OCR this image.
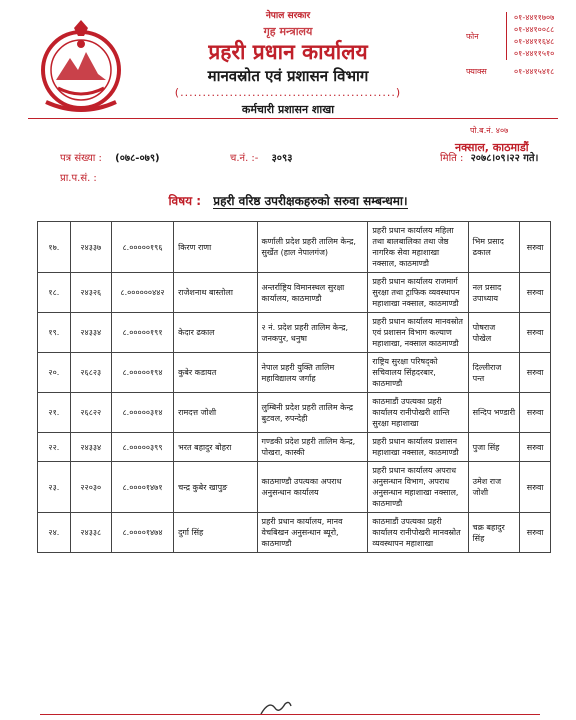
नेपाल सरकार
गृह मन्त्रालय
प्रहरी प्रधान कार्यालय
मानवस्रोत एवं प्रशासन विभाग
(................................................)
कर्मचारी प्रशासन शाखा
फोन
०१-४४११७०७
०१-४४१००८८
०१-४४११६४८
०१-४४११५१०
फ्याक्स	०१-४४१५४१८
पो.ब.नं. ४०७
नक्साल, काठमाडौं
पत्र संख्या : (०७८-०७९)	च.नं. :- ३०९३	मिति : २०७८।०९।२२ गते।
प्रा.प.सं. :
विषय : प्रहरी वरिष्ठ उपरीक्षकहरुको सरुवा सम्बन्धमा।
१७.	२४३३७	८.०००००१९६	किरण राणा	कर्णाली प्रदेश प्रहरी तालिम केन्द्र, सुर्खेत (हाल नेपालगंज)	प्रहरी प्रधान कार्यालय महिला तथा बालबालिका तथा जेष्ठ नागरिक सेवा महाशाखा नक्साल, काठमाण्डौ	भिम प्रसाद ढकाल	सरुवा
१८.	२४३२६	८.००००००४४२	राजेशनाथ बास्तोला	अन्तर्राष्ट्रिय विमानस्थल सुरक्षा कार्यालय, काठमाण्डौ	प्रहरी प्रधान कार्यालय राजमार्ग सुरक्षा तथा ट्राफिक व्यवस्थापन महाशाखा नक्साल, काठमाण्डौ	नल प्रसाद उपाध्याय	सरुवा
१९.	२४३३४	८.०००००१९१	केदार ढकाल	२ नं. प्रदेश प्रहरी तालिम केन्द्र, जनकपुर, धनुषा	प्रहरी प्रधान कार्यालय मानवस्रोत एवं प्रशासन विभाग कल्याण महाशाखा, नक्साल काठमाण्डौ	पोषराज पोखेल	सरुवा
२०.	२६८२३	८.०००००१९४	कुबेर कडायत	नेपाल प्रहरी युक्ति तालिम महाविद्यालय जर्गाह	राष्ट्रिय सुरक्षा परिषद्को सचिवालय सिंहदरबार, काठमाण्डौ	दिल्लीराज पन्त	सरुवा
२१.	२६८२२	८.०००००३१४	रामदत्त जोशी	लुम्बिनी प्रदेश प्रहरी तालिम केन्द्र बुटवल, रुपन्देही	काठमाडौं उपत्यका प्रहरी कार्यालय रानीपोखरी शान्ति सुरक्षा महाशाखा	सन्दिप भण्डारी	सरुवा
२२.	२४३३४	८.०००००३९९	भरत बहादुर बोहरा	गण्डकी प्रदेश प्रहरी तालिम केन्द्र, पोखरा, कास्की	प्रहरी प्रधान कार्यालय प्रशासन महाशाखा नक्साल, काठमाण्डौ	पुजा सिंह	सरुवा
२३.	२२०३०	८.००००१४७१	चन्द्र कुबेर खापुङ	काठमाण्डौ उपत्यका अपराध अनुसन्धान कार्यालय	प्रहरी प्रधान कार्यालय अपराध अनुसन्धान विभाग, अपराध अनुसन्धान महाशाखा नक्साल, काठमाण्डौ	उमेश राज जोशी	सरुवा
२४.	२४३३८	८.००००१४७४	दुर्गा सिंह	प्रहरी प्रधान कार्यालय, मानव वेचबिखन अनुसन्धान ब्यूरो, काठमाण्डौ	काठमाडौं उपत्यका प्रहरी कार्यालय रानीपोखरी मानवस्रोत व्यवस्थापन महाशाखा	चक्र बहादुर सिंह	सरुवा
